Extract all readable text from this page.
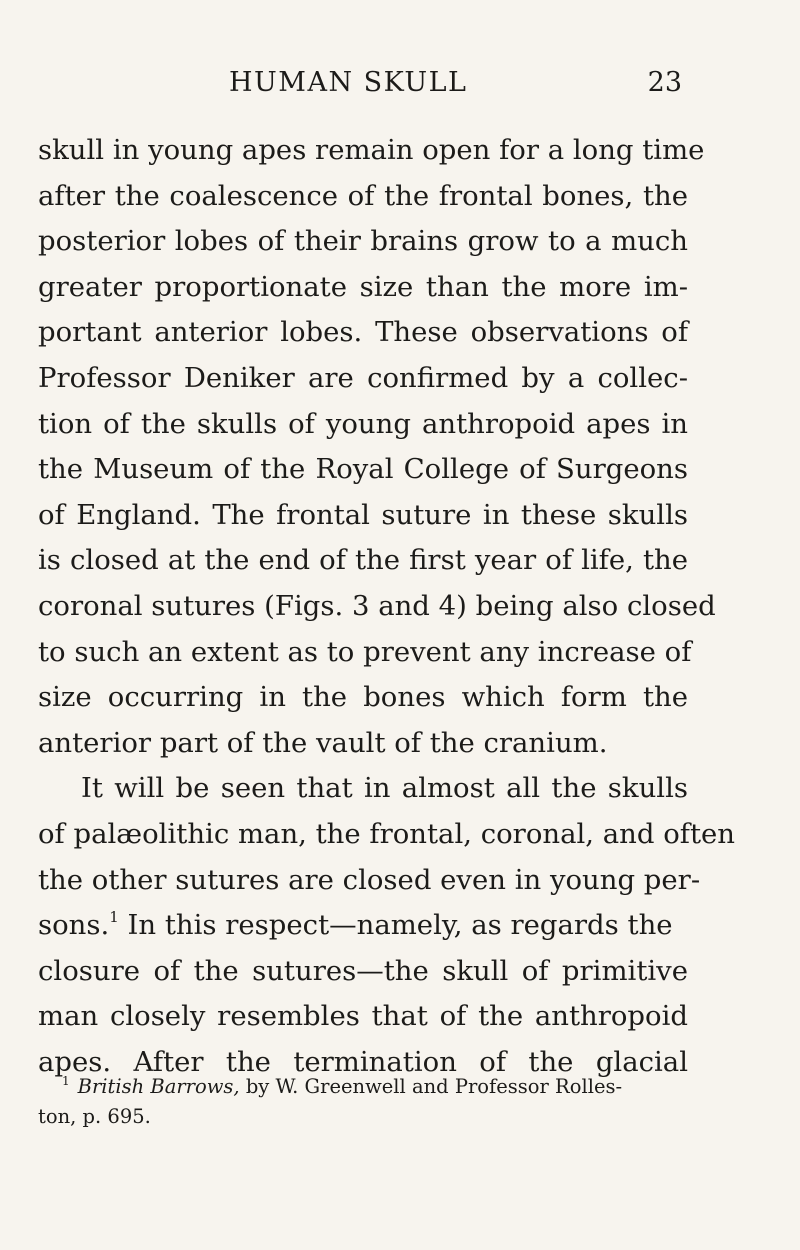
HUMAN SKULL	23
skull in young apes remain open for a long time
after the coalescence of the frontal bones, the
posterior lobes of their brains grow to a much
greater proportionate size than the more im-
portant anterior lobes. These observations of
Professor Deniker are confirmed by a collec-
tion of the skulls of young anthropoid apes in
the Museum of the Royal College of Surgeons
of England. The frontal suture in these skulls
is closed at the end of the first year of life, the
coronal sutures (Figs. 3 and 4) being also closed
to such an extent as to prevent any increase of
size occurring in the bones which form the
anterior part of the vault of the cranium.
It will be seen that in almost all the skulls
of palæolithic man, the frontal, coronal, and often
the other sutures are closed even in young per-
sons.$^1$ In this respect—namely, as regards the
closure of the sutures—the skull of primitive
man closely resembles that of the anthropoid
apes. After the termination of the glacial
$^1$ British Barrows, by W. Greenwell and Professor Rolles-
ton, p. 695.
